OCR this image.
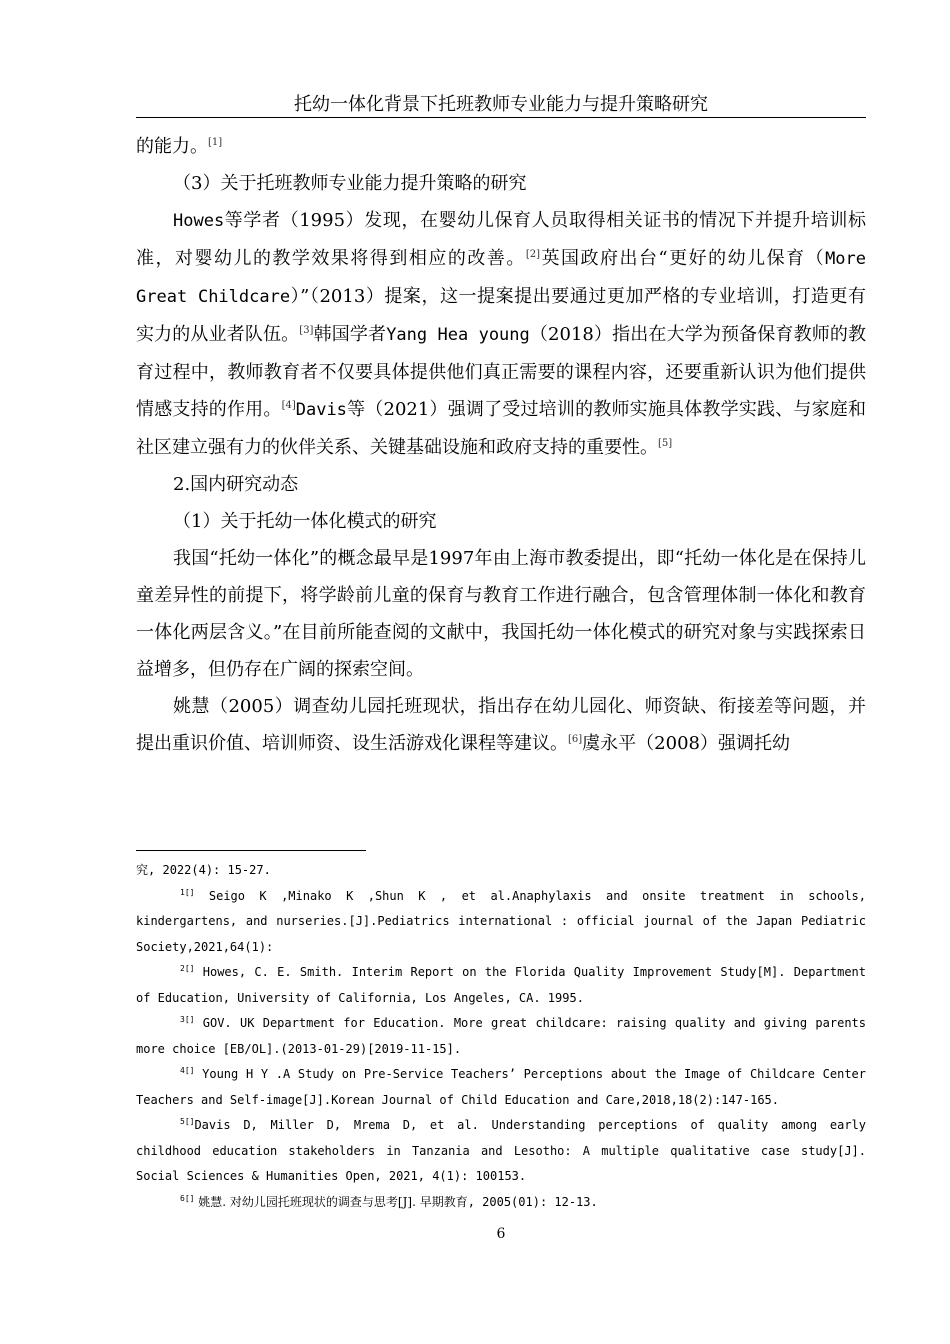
托幼一体化背景下托班教师专业能力与提升策略研究

的能力。[1]

（3）关于托班教师专业能力提升策略的研究

Howes等学者（1995）发现，在婴幼儿保育人员取得相关证书的情况下并提升培训标准，对婴幼儿的教学效果将得到相应的改善。[2]英国政府出台“更好的幼儿保育（More Great Childcare）”（2013）提案，这一提案提出要通过更加严格的专业培训，打造更有实力的从业者队伍。[3]韩国学者Yang Hea young（2018）指出在大学为预备保育教师的教育过程中，教师教育者不仅要具体提供他们真正需要的课程内容，还要重新认识为他们提供情感支持的作用。[4]Davis等（2021）强调了受过培训的教师实施具体教学实践、与家庭和社区建立强有力的伙伴关系、关键基础设施和政府支持的重要性。[5]

2.国内研究动态

（1）关于托幼一体化模式的研究

我国“托幼一体化”的概念最早是1997年由上海市教委提出，即“托幼一体化是在保持儿童差异性的前提下，将学龄前儿童的保育与教育工作进行融合，包含管理体制一体化和教育一体化两层含义。”在目前所能查阅的文献中，我国托幼一体化模式的研究对象与实践探索日益增多，但仍存在广阔的探索空间。

姚慧（2005）调查幼儿园托班现状，指出存在幼儿园化、师资缺、衔接差等问题，并提出重识价值、培训师资、设生活游戏化课程等建议。[6]虞永平（2008）强调托幼

究, 2022(4): 15-27.

$^{1[]}$ Seigo K ,Minako K ,Shun K , et al.Anaphylaxis and onsite treatment in schools, kindergartens, and nurseries.[J].Pediatrics international : official journal of the Japan Pediatric Society,2021,64(1):

$^{2[]}$ Howes, C. E. Smith. Interim Report on the Florida Quality Improvement Study[M]. Department of Education, University of California, Los Angeles, CA. 1995.

$^{3[]}$ GOV. UK Department for Education. More great childcare: raising quality and giving parents more choice [EB/OL].(2013-01-29)[2019-11-15].

$^{4[]}$ Young H Y .A Study on Pre-Service Teachers’ Perceptions about the Image of Childcare Center Teachers and Self-image[J].Korean Journal of Child Education and Care,2018,18(2):147-165.

$^{5[]}$Davis D, Miller D, Mrema D, et al. Understanding perceptions of quality among early childhood education stakeholders in Tanzania and Lesotho: A multiple qualitative case study[J]. Social Sciences & Humanities Open, 2021, 4(1): 100153.

$^{6[]}$ 姚慧. 对幼儿园托班现状的调查与思考[J]. 早期教育, 2005(01): 12-13.

6
